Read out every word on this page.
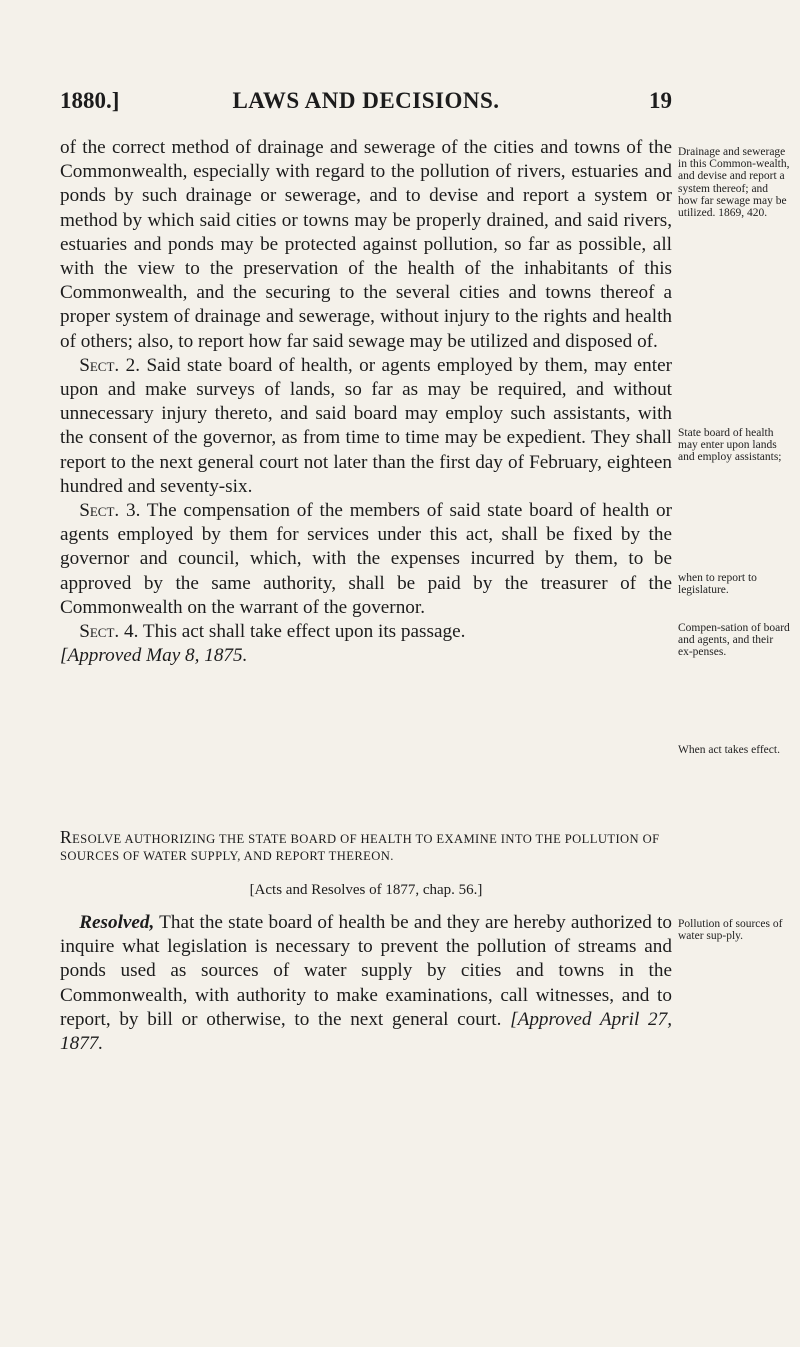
1880.]	LAWS AND DECISIONS.	19

of the correct method of drainage and sewerage of the cities and towns of the Commonwealth, especially with regard to the pollution of rivers, estuaries and ponds by such drainage or sewerage, and to devise and report a system or method by which said cities or towns may be properly drained, and said rivers, estuaries and ponds may be protected against pollution, so far as possible, all with the view to the preservation of the health of the inhabitants of this Commonwealth, and the securing to the several cities and towns thereof a proper system of drainage and sewerage, without injury to the rights and health of others; also, to report how far said sewage may be utilized and disposed of.

 Sect. 2. Said state board of health, or agents employed by them, may enter upon and make surveys of lands, so far as may be required, and without unnecessary injury thereto, and said board may employ such assistants, with the consent of the governor, as from time to time may be expedient. They shall report to the next general court not later than the first day of February, eighteen hundred and seventy-six.

 Sect. 3. The compensation of the members of said state board of health or agents employed by them for services under this act, shall be fixed by the governor and council, which, with the expenses incurred by them, to be approved by the same authority, shall be paid by the treasurer of the Commonwealth on the warrant of the governor.

 Sect. 4. This act shall take effect upon its passage.
[Approved May 8, 1875.

Drainage and sewerage in this Common-wealth, and devise and report a system thereof; and how far sewage may be utilized. 1869, 420.
State board of health may enter upon lands and employ assistants;
when to report to legislature.
Compen-sation of board and agents, and their ex-penses.
When act takes effect.
Pollution of sources of water sup-ply.
RESOLVE AUTHORIZING THE STATE BOARD OF HEALTH TO EXAMINE INTO THE POLLUTION OF SOURCES OF WATER SUPPLY, AND REPORT THEREON.
[Acts and Resolves of 1877, chap. 56.]

 Resolved, That the state board of health be and they are hereby authorized to inquire what legislation is necessary to prevent the pollution of streams and ponds used as sources of water supply by cities and towns in the Commonwealth, with authority to make examinations, call witnesses, and to report, by bill or otherwise, to the next general court. [Approved April 27, 1877.
